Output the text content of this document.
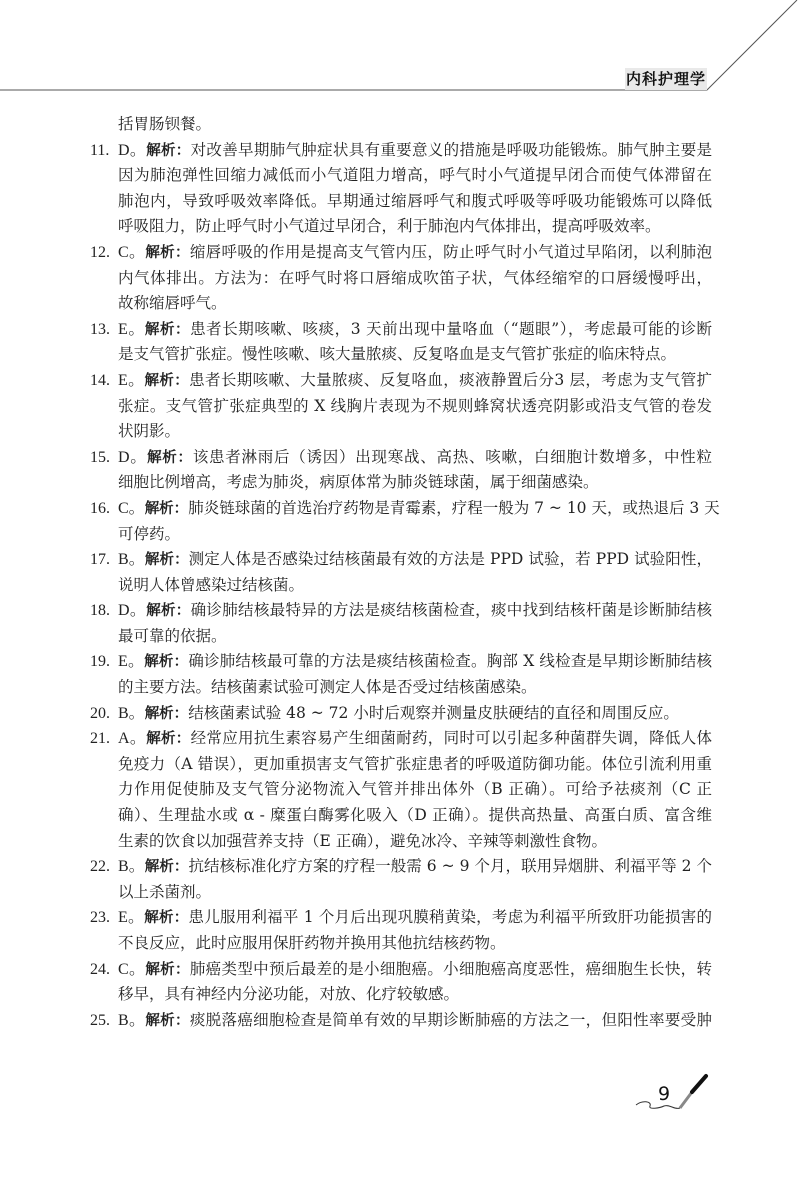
内科护理学
括胃肠钡餐。
11. D。解析：对改善早期肺气肿症状具有重要意义的措施是呼吸功能锻炼。肺气肿主要是
因为肺泡弹性回缩力减低而小气道阻力增高，呼气时小气道提早闭合而使气体滞留在
肺泡内，导致呼吸效率降低。早期通过缩唇呼气和腹式呼吸等呼吸功能锻炼可以降低
呼吸阻力，防止呼气时小气道过早闭合，利于肺泡内气体排出，提高呼吸效率。
12. C。解析：缩唇呼吸的作用是提高支气管内压，防止呼气时小气道过早陷闭，以利肺泡
内气体排出。方法为：在呼气时将口唇缩成吹笛子状，气体经缩窄的口唇缓慢呼出，
故称缩唇呼气。
13. E。解析：患者长期咳嗽、咳痰，3 天前出现中量咯血（“题眼”），考虑最可能的诊断
是支气管扩张症。慢性咳嗽、咳大量脓痰、反复咯血是支气管扩张症的临床特点。
14. E。解析：患者长期咳嗽、大量脓痰、反复咯血，痰液静置后分3 层，考虑为支气管扩
张症。支气管扩张症典型的 X 线胸片表现为不规则蜂窝状透亮阴影或沿支气管的卷发
状阴影。
15. D。解析：该患者淋雨后（诱因）出现寒战、高热、咳嗽，白细胞计数增多，中性粒
细胞比例增高，考虑为肺炎，病原体常为肺炎链球菌，属于细菌感染。
16. C。解析：肺炎链球菌的首选治疗药物是青霉素，疗程一般为 7 ~ 10 天，或热退后 3 天
可停药。
17. B。解析：测定人体是否感染过结核菌最有效的方法是 PPD 试验，若 PPD 试验阳性，
说明人体曾感染过结核菌。
18. D。解析：确诊肺结核最特异的方法是痰结核菌检查，痰中找到结核杆菌是诊断肺结核
最可靠的依据。
19. E。解析：确诊肺结核最可靠的方法是痰结核菌检查。胸部 X 线检查是早期诊断肺结核
的主要方法。结核菌素试验可测定人体是否受过结核菌感染。
20. B。解析：结核菌素试验 48 ~ 72 小时后观察并测量皮肤硬结的直径和周围反应。
21. A。解析：经常应用抗生素容易产生细菌耐药，同时可以引起多种菌群失调，降低人体
免疫力（A 错误），更加重损害支气管扩张症患者的呼吸道防御功能。体位引流利用重
力作用促使肺及支气管分泌物流入气管并排出体外（B 正确）。可给予祛痰剂（C 正
确）、生理盐水或 α - 糜蛋白酶雾化吸入（D 正确）。提供高热量、高蛋白质、富含维
生素的饮食以加强营养支持（E 正确），避免冰冷、辛辣等刺激性食物。
22. B。解析：抗结核标准化疗方案的疗程一般需 6 ~ 9 个月，联用异烟肼、利福平等 2 个
以上杀菌剂。
23. E。解析：患儿服用利福平 1 个月后出现巩膜稍黄染，考虑为利福平所致肝功能损害的
不良反应，此时应服用保肝药物并换用其他抗结核药物。
24. C。解析：肺癌类型中预后最差的是小细胞癌。小细胞癌高度恶性，癌细胞生长快，转
移早，具有神经内分泌功能，对放、化疗较敏感。
25. B。解析：痰脱落癌细胞检查是简单有效的早期诊断肺癌的方法之一，但阳性率要受肿
9
